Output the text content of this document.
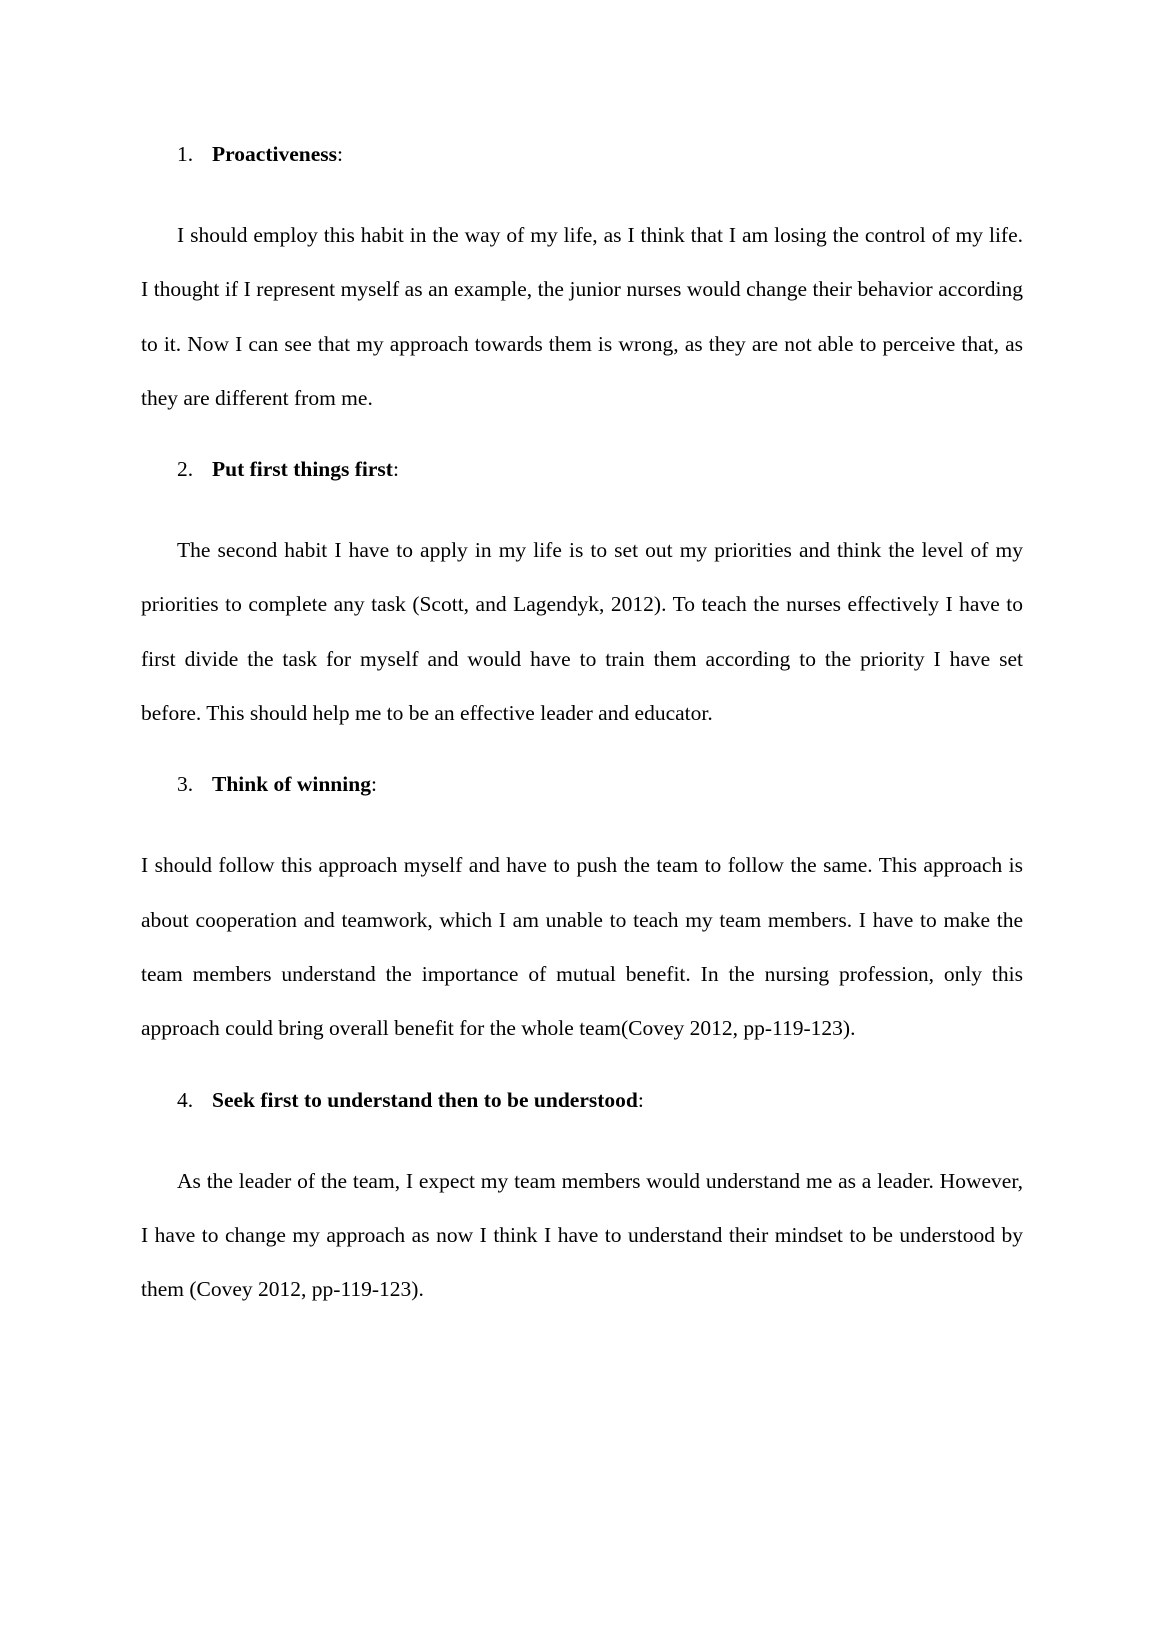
1. Proactiveness:

I should employ this habit in the way of my life, as I think that I am losing the control of my life. I thought if I represent myself as an example, the junior nurses would change their behavior according to it. Now I can see that my approach towards them is wrong, as they are not able to perceive that, as they are different from me.

2. Put first things first:

The second habit I have to apply in my life is to set out my priorities and think the level of my priorities to complete any task (Scott, and Lagendyk, 2012). To teach the nurses effectively I have to first divide the task for myself and would have to train them according to the priority I have set before. This should help me to be an effective leader and educator.

3. Think of winning:

I should follow this approach myself and have to push the team to follow the same. This approach is about cooperation and teamwork, which I am unable to teach my team members. I have to make the team members understand the importance of mutual benefit. In the nursing profession, only this approach could bring overall benefit for the whole team(Covey 2012, pp-119-123).

4. Seek first to understand then to be understood:

As the leader of the team, I expect my team members would understand me as a leader. However, I have to change my approach as now I think I have to understand their mindset to be understood by them (Covey 2012, pp-119-123).
